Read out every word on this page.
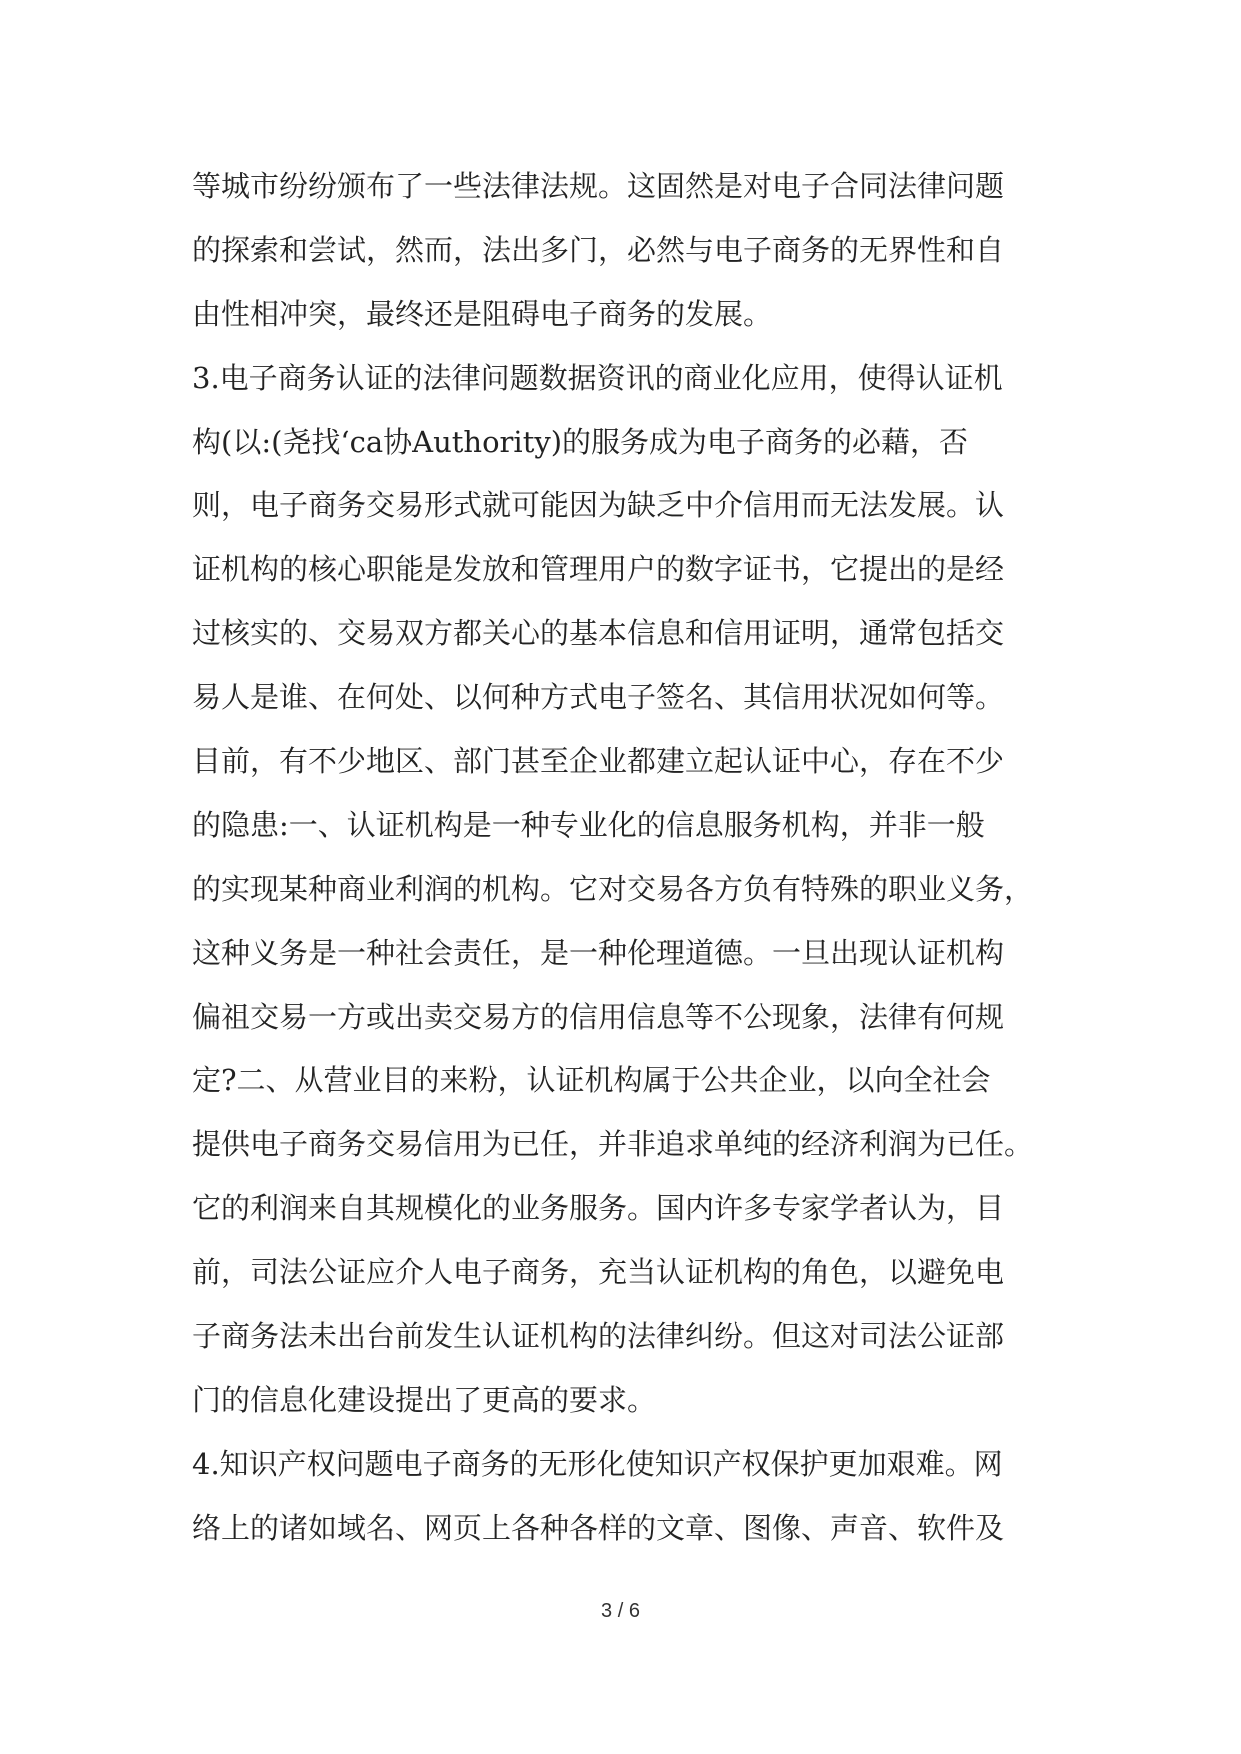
等城市纷纷颁布了一些法律法规。这固然是对电子合同法律问题
的探索和尝试，然而，法出多门，必然与电子商务的无界性和自
由性相冲突，最终还是阻碍电子商务的发展。
3.电子商务认证的法律问题数据资讯的商业化应用，使得认证机
构(以:(尧找‘ca协Authority)的服务成为电子商务的必藉，否
则，电子商务交易形式就可能因为缺乏中介信用而无法发展。认
证机构的核心职能是发放和管理用户的数字证书，它提出的是经
过核实的、交易双方都关心的基本信息和信用证明，通常包括交
易人是谁、在何处、以何种方式电子签名、其信用状况如何等。
目前，有不少地区、部门甚至企业都建立起认证中心，存在不少
的隐患:一、认证机构是一种专业化的信息服务机构，并非一般
的实现某种商业利润的机构。它对交易各方负有特殊的职业义务，
这种义务是一种社会责任，是一种伦理道德。一旦出现认证机构
偏祖交易一方或出卖交易方的信用信息等不公现象，法律有何规
定?二、从营业目的来粉，认证机构属于公共企业，以向全社会
提供电子商务交易信用为已任，并非追求单纯的经济利润为已任。
它的利润来自其规模化的业务服务。国内许多专家学者认为，目
前，司法公证应介人电子商务，充当认证机构的角色，以避免电
子商务法未出台前发生认证机构的法律纠纷。但这对司法公证部
门的信息化建设提出了更高的要求。
4.知识产权问题电子商务的无形化使知识产权保护更加艰难。网
络上的诸如域名、网页上各种各样的文章、图像、声音、软件及
3 / 6
